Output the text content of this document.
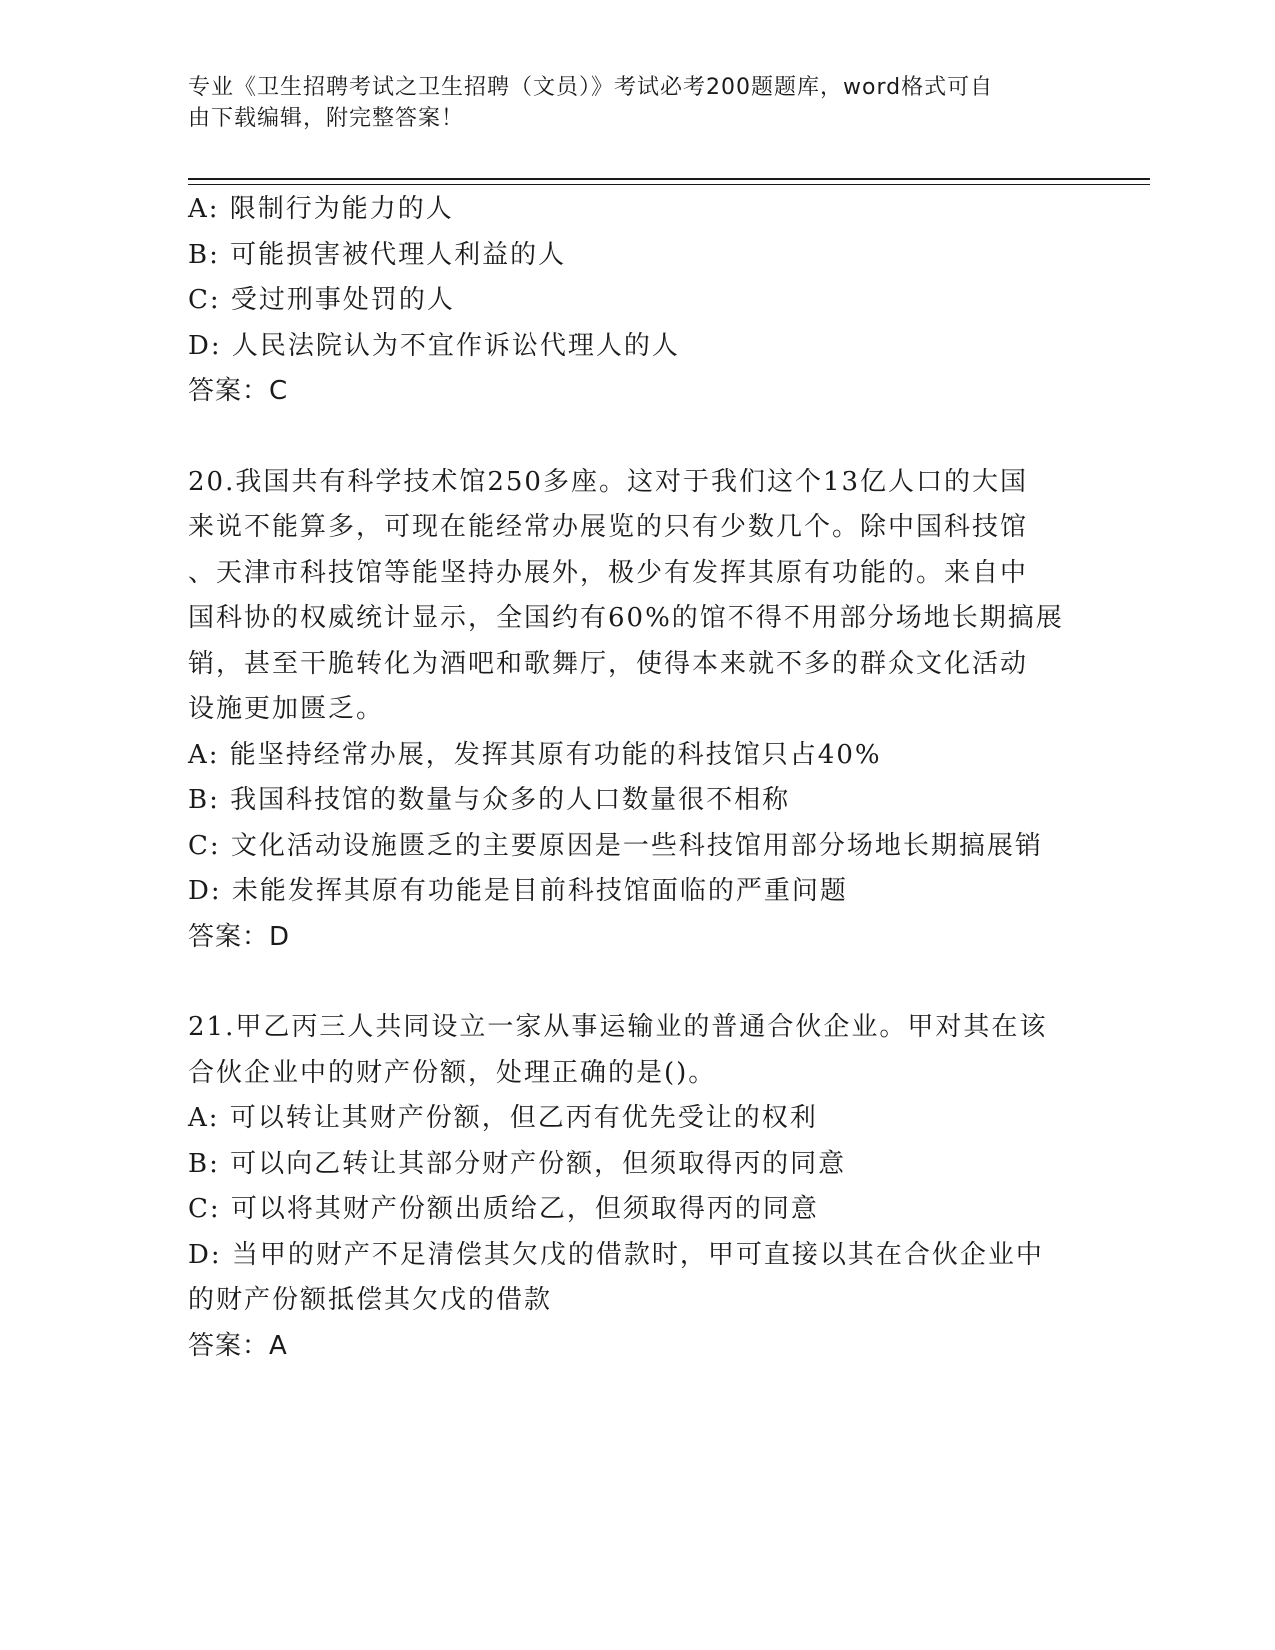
专业《卫生招聘考试之卫生招聘（文员）》考试必考200题题库，word格式可自
由下载编辑，附完整答案！
A: 限制行为能力的人
B: 可能损害被代理人利益的人
C: 受过刑事处罚的人
D: 人民法院认为不宜作诉讼代理人的人
答案：C
20.我国共有科学技术馆250多座。这对于我们这个13亿人口的大国
来说不能算多，可现在能经常办展览的只有少数几个。除中国科技馆
、天津市科技馆等能坚持办展外，极少有发挥其原有功能的。来自中
国科协的权威统计显示，全国约有60%的馆不得不用部分场地长期搞展
销，甚至干脆转化为酒吧和歌舞厅，使得本来就不多的群众文化活动
设施更加匮乏。
A: 能坚持经常办展，发挥其原有功能的科技馆只占40%
B: 我国科技馆的数量与众多的人口数量很不相称
C: 文化活动设施匮乏的主要原因是一些科技馆用部分场地长期搞展销
D: 未能发挥其原有功能是目前科技馆面临的严重问题
答案：D
21.甲乙丙三人共同设立一家从事运输业的普通合伙企业。甲对其在该
合伙企业中的财产份额，处理正确的是()。
A: 可以转让其财产份额，但乙丙有优先受让的权利
B: 可以向乙转让其部分财产份额，但须取得丙的同意
C: 可以将其财产份额出质给乙，但须取得丙的同意
D: 当甲的财产不足清偿其欠戊的借款时，甲可直接以其在合伙企业中
的财产份额抵偿其欠戊的借款
答案：A
